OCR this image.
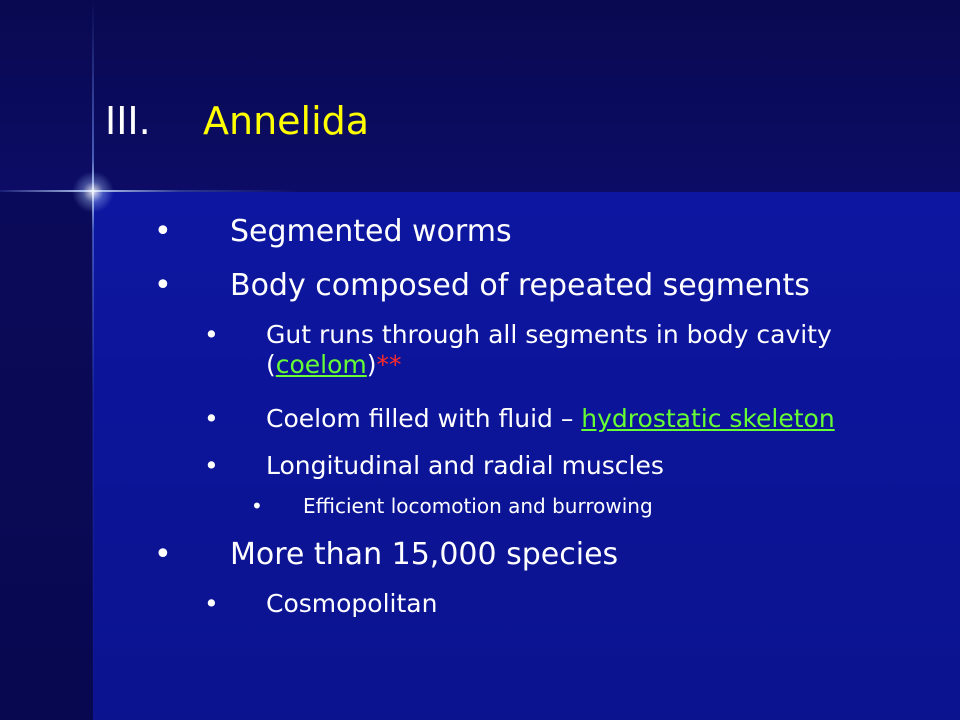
III. Annelida
• Segmented worms
• Body composed of repeated segments
• Gut runs through all segments in body cavity
(coelom)**
• Coelom filled with fluid – hydrostatic skeleton
• Longitudinal and radial muscles
• Efficient locomotion and burrowing
• More than 15,000 species
• Cosmopolitan
